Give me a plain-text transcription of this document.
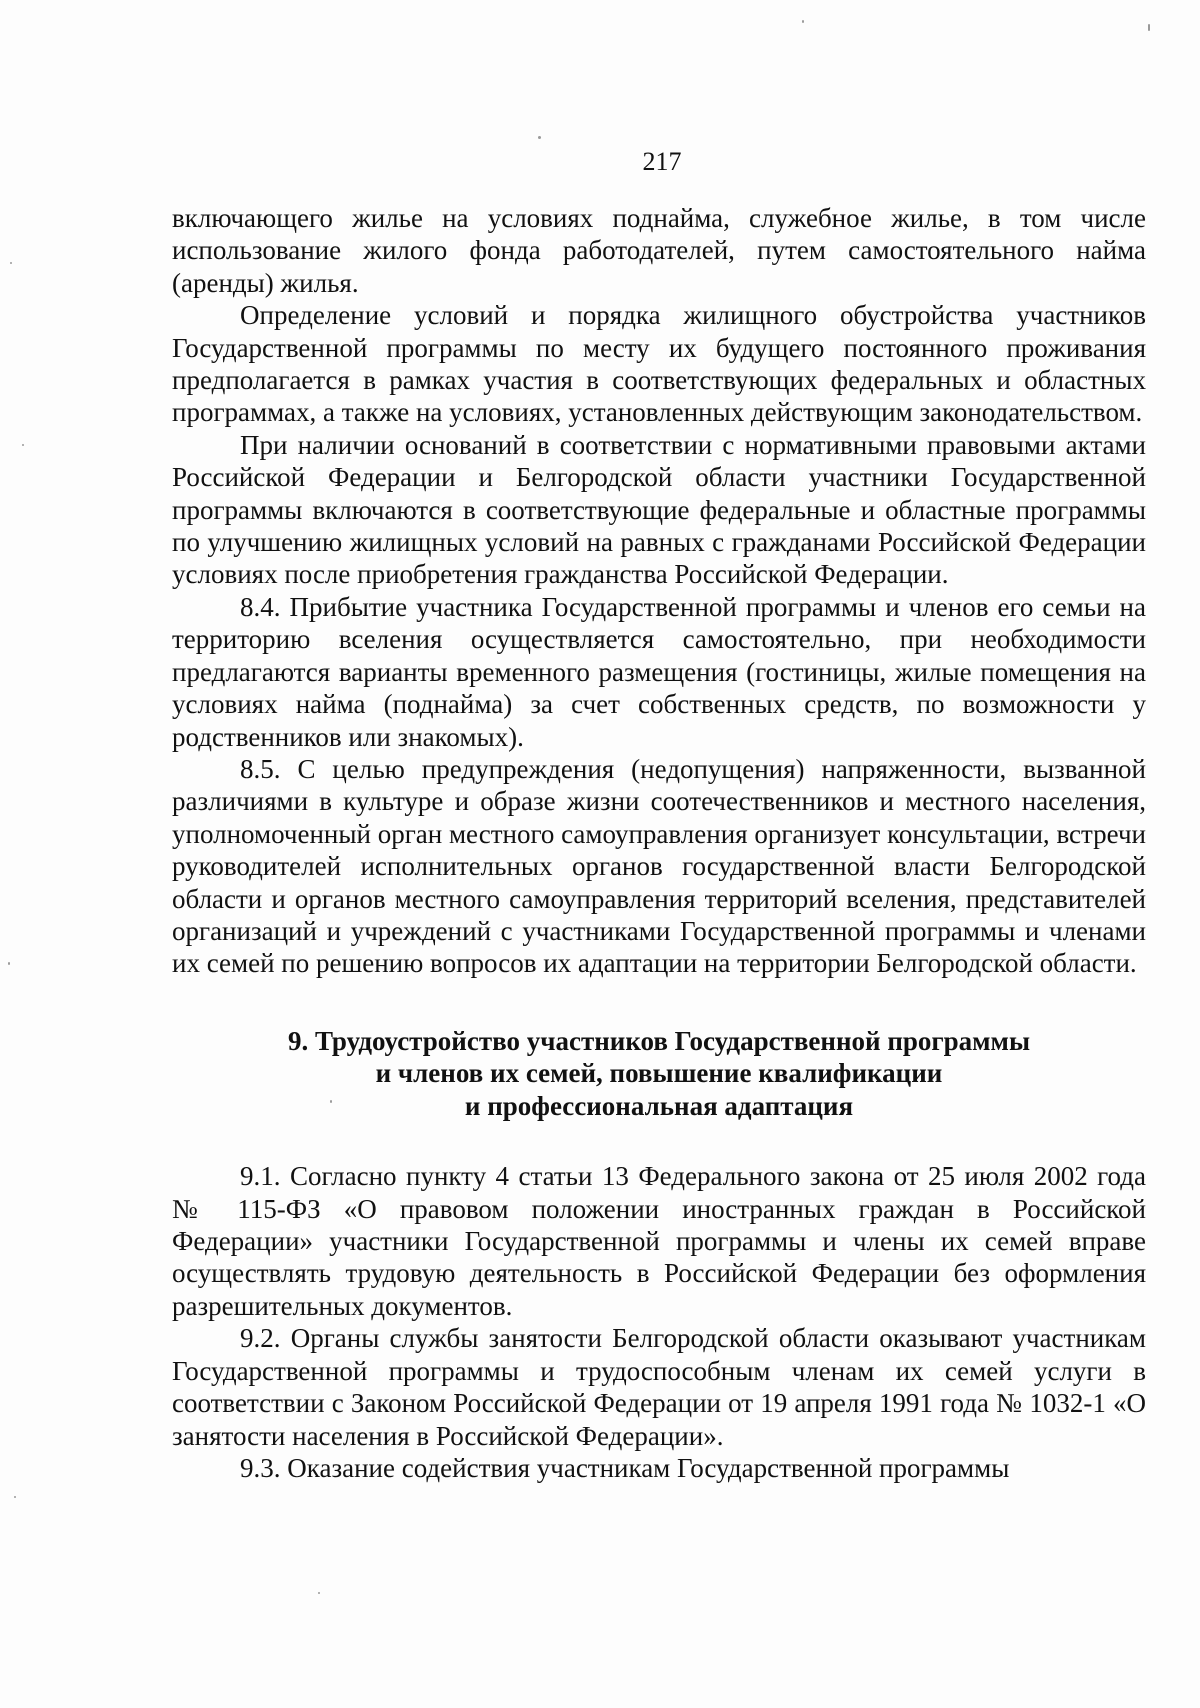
217

включающего жилье на условиях поднайма, служебное жилье, в том числе использование жилого фонда работодателей, путем самостоятельного найма (аренды) жилья.

Определение условий и порядка жилищного обустройства участников Государственной программы по месту их будущего постоянного проживания предполагается в рамках участия в соответствующих федеральных и областных программах, а также на условиях, установленных действующим законодательством.

При наличии оснований в соответствии с нормативными правовыми актами Российской Федерации и Белгородской области участники Государственной программы включаются в соответствующие федеральные и областные программы по улучшению жилищных условий на равных с гражданами Российской Федерации условиях после приобретения гражданства Российской Федерации.

8.4. Прибытие участника Государственной программы и членов его семьи на территорию вселения осуществляется самостоятельно, при необходимости предлагаются варианты временного размещения (гостиницы, жилые помещения на условиях найма (поднайма) за счет собственных средств, по возможности у родственников или знакомых).

8.5. С целью предупреждения (недопущения) напряженности, вызванной различиями в культуре и образе жизни соотечественников и местного населения, уполномоченный орган местного самоуправления организует консультации, встречи руководителей исполнительных органов государственной власти Белгородской области и органов местного самоуправления территорий вселения, представителей организаций и учреждений с участниками Государственной программы и членами их семей по решению вопросов их адаптации на территории Белгородской области.

9. Трудоустройство участников Государственной программы
и членов их семей, повышение квалификации
и профессиональная адаптация

9.1. Согласно пункту 4 статьи 13 Федерального закона от 25 июля 2002 года № 115-ФЗ «О правовом положении иностранных граждан в Российской Федерации» участники Государственной программы и члены их семей вправе осуществлять трудовую деятельность в Российской Федерации без оформления разрешительных документов.

9.2. Органы службы занятости Белгородской области оказывают участникам Государственной программы и трудоспособным членам их семей услуги в соответствии с Законом Российской Федерации от 19 апреля 1991 года № 1032-1 «О занятости населения в Российской Федерации».

9.3. Оказание содействия участникам Государственной программы
